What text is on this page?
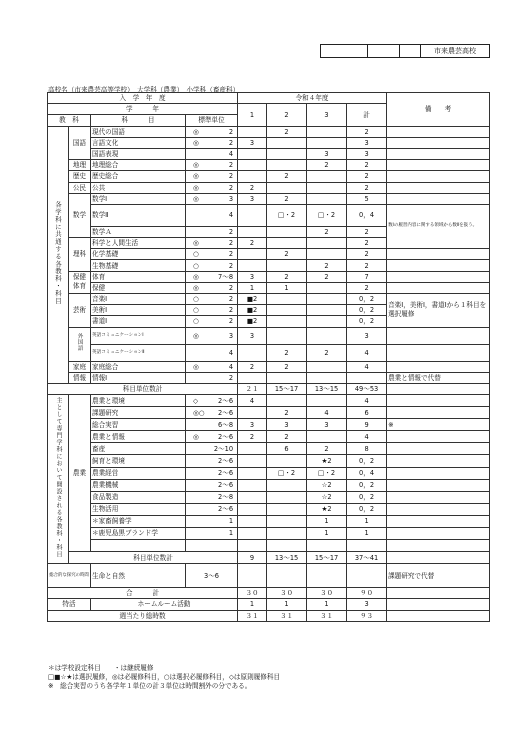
			市来農芸高校
高校名（市来農芸高等学校）　大学科（農業）　小学科（畜産科）
入　学　年　度				令和４年度				備　　考	
学　　　年				1	2	3	計		
教　科		科　　　目	標準単位						
各学科に共通する各教科・科目	国語	現代の国語	◎ 2		2		2		
		言語文化	◎ 2	3			3		
		国語表現	4			3	3		
	地理	地理総合	◎ 2			2	2		
	歴史	歴史総合	◎ 2		2		2		
	公民	公共	◎ 2	2			2		
	数学	数学Ⅰ	◎ 3	3	2		5		
		数学Ⅱ	4		□・2	□・2	0，4	数Ⅰの履習内容に関する領域から数Ⅱを扱う。	
		数学Ａ	2			2	2		
	理科	科学と人間生活	◎ 2	2			2		
		化学基礎	○ 2		2		2		
		生物基礎	○ 2			2	2		
	保健体育	体育	◎ 7～8	3	2	2	7		
		保健	◎ 2	1	1		2		
	芸術	音楽Ⅰ	○ 2	■2			0，2	音楽Ⅰ，美術Ⅰ，書道Ⅰから１科目を選択履修	
		美術Ⅰ	○ 2	■2			0，2		
		書道Ⅰ	○ 2	■2			0，2		
	外国語	英語コミュニケーションⅠ	◎ 3	3			3		
		英語コミュニケーションⅡ	4		2	2	4		
	家庭	家庭総合	◎ 4	2	2		4		
	情報	情報Ⅰ	2					農業と情報で代替	
科目単位数計				２１	15～17	13～15	49～53		
主として専門学科において開設される各教科・科目	農業	農業と環境	◇ 2～6	4			4		
		課題研究	◎○ 2～6		2	4	6		
		総合実習	6～8	3	3	3	9	※	
		農業と情報	◎ 2～6	2	2		4		
		畜産	2～10		6	2	8		
		飼育と環境	2～6			★2	0，2		
		農業経営	2～6		□・2	□・2	0，4		
		農業機械	2～6			☆2	0，2		
		食品製造	2～8			☆2	0，2		
		生物活用	2～6			★2	0，2		
		＊家畜飼養学	1			1	1		
		＊鹿児島黒ブランド学	1			1	1		

	科目単位数計			9	13～15	15～17	37～41		
総合的な探究の時間		生命と自然	3～6					課題研究で代替	
合　　　計				３０	３０	３０	９０		
特活		ホームルーム活動		1	1	1	3		
週当たり総時数				３１	３１	３１	９３		
＊は学校設定科目　　・は継続履修
□■☆★は選択履修，◎は必履修科目，○は選択必履修科目，◇は原則履修科目
※　総合実習のうち各学年１単位の計３単位は時間割外の分である。
